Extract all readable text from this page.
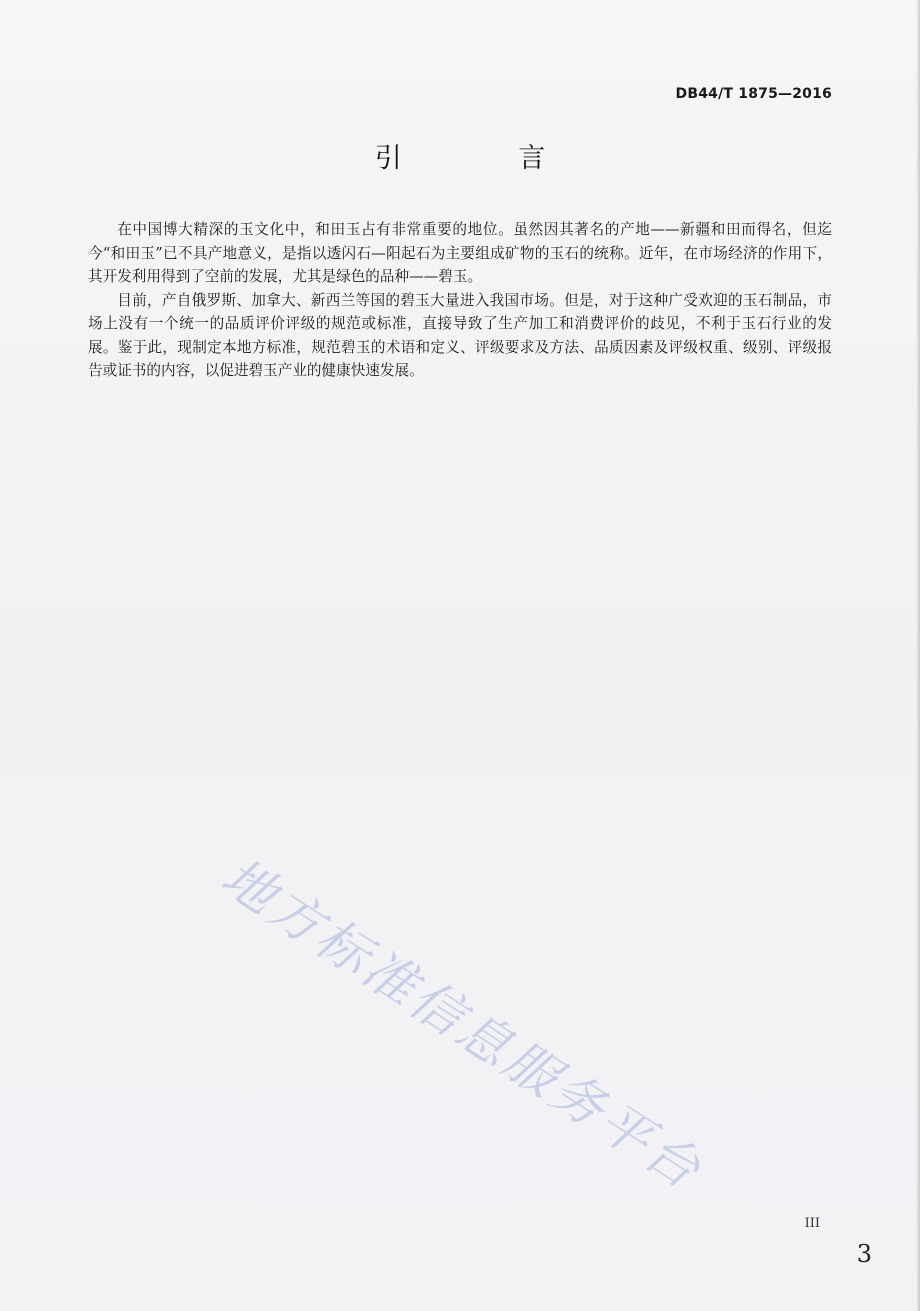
DB44/T 1875—2016
引 言

在中国博大精深的玉文化中，和田玉占有非常重要的地位。虽然因其著名的产地——新疆和田而得名，但迄今“和田玉”已不具产地意义，是指以透闪石—阳起石为主要组成矿物的玉石的统称。近年，在市场经济的作用下，其开发利用得到了空前的发展，尤其是绿色的品种——碧玉。

目前，产自俄罗斯、加拿大、新西兰等国的碧玉大量进入我国市场。但是，对于这种广受欢迎的玉石制品，市场上没有一个统一的品质评价评级的规范或标准，直接导致了生产加工和消费评价的歧见，不利于玉石行业的发展。鉴于此，现制定本地方标准，规范碧玉的术语和定义、评级要求及方法、品质因素及评级权重、级别、评级报告或证书的内容，以促进碧玉产业的健康快速发展。

地方标准信息服务平台
III
3
